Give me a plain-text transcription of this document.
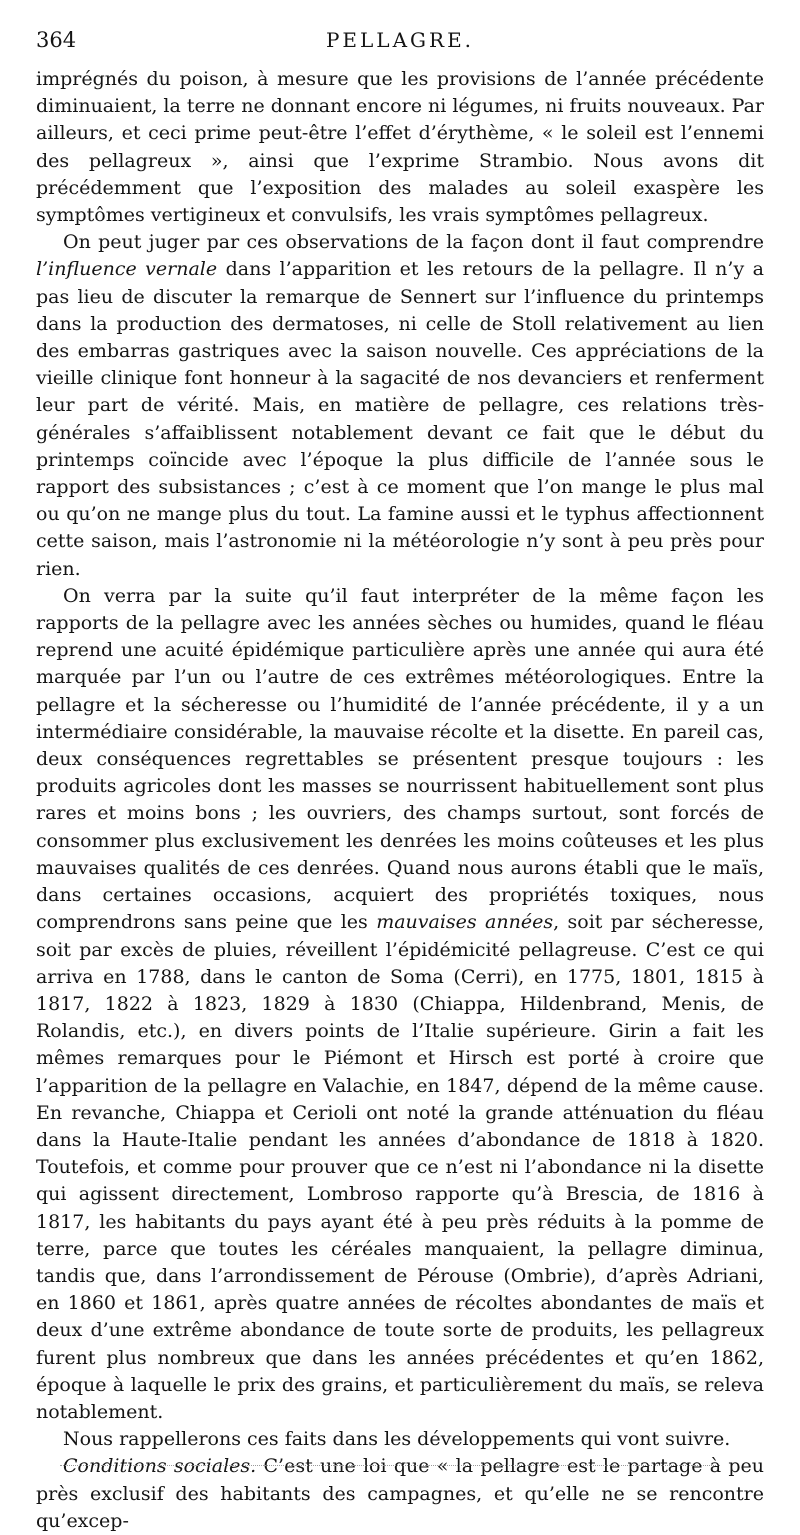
364	PELLAGRE.

imprégnés du poison, à mesure que les provisions de l’année précédente diminuaient, la terre ne donnant encore ni légumes, ni fruits nouveaux. Par ailleurs, et ceci prime peut-être l’effet d’érythème, « le soleil est l’ennemi des pellagreux », ainsi que l’exprime Strambio. Nous avons dit précédemment que l’exposition des malades au soleil exaspère les symptômes vertigineux et convulsifs, les vrais symptômes pellagreux.

On peut juger par ces observations de la façon dont il faut comprendre l’influence vernale dans l’apparition et les retours de la pellagre. Il n’y a pas lieu de discuter la remarque de Sennert sur l’influence du printemps dans la production des dermatoses, ni celle de Stoll relativement au lien des embarras gastriques avec la saison nouvelle. Ces appréciations de la vieille clinique font honneur à la sagacité de nos devanciers et renferment leur part de vérité. Mais, en matière de pellagre, ces relations très-générales s’affaiblissent notablement devant ce fait que le début du printemps coïncide avec l’époque la plus difficile de l’année sous le rapport des subsistances ; c’est à ce moment que l’on mange le plus mal ou qu’on ne mange plus du tout. La famine aussi et le typhus affectionnent cette saison, mais l’astronomie ni la météorologie n’y sont à peu près pour rien.

On verra par la suite qu’il faut interpréter de la même façon les rapports de la pellagre avec les années sèches ou humides, quand le fléau reprend une acuité épidémique particulière après une année qui aura été marquée par l’un ou l’autre de ces extrêmes météorologiques. Entre la pellagre et la sécheresse ou l’humidité de l’année précédente, il y a un intermédiaire considérable, la mauvaise récolte et la disette. En pareil cas, deux conséquences regrettables se présentent presque toujours : les produits agricoles dont les masses se nourrissent habituellement sont plus rares et moins bons ; les ouvriers, des champs surtout, sont forcés de consommer plus exclusivement les denrées les moins coûteuses et les plus mauvaises qualités de ces denrées. Quand nous aurons établi que le maïs, dans certaines occasions, acquiert des propriétés toxiques, nous comprendrons sans peine que les mauvaises années, soit par sécheresse, soit par excès de pluies, réveillent l’épidémicité pellagreuse. C’est ce qui arriva en 1788, dans le canton de Soma (Cerri), en 1775, 1801, 1815 à 1817, 1822 à 1823, 1829 à 1830 (Chiappa, Hildenbrand, Menis, de Rolandis, etc.), en divers points de l’Italie supérieure. Girin a fait les mêmes remarques pour le Piémont et Hirsch est porté à croire que l’apparition de la pellagre en Valachie, en 1847, dépend de la même cause. En revanche, Chiappa et Cerioli ont noté la grande atténuation du fléau dans la Haute-Italie pendant les années d’abondance de 1818 à 1820. Toutefois, et comme pour prouver que ce n’est ni l’abondance ni la disette qui agissent directement, Lombroso rapporte qu’à Brescia, de 1816 à 1817, les habitants du pays ayant été à peu près réduits à la pomme de terre, parce que toutes les céréales manquaient, la pellagre diminua, tandis que, dans l’arrondissement de Pérouse (Ombrie), d’après Adriani, en 1860 et 1861, après quatre années de récoltes abondantes de maïs et deux d’une extrême abondance de toute sorte de produits, les pellagreux furent plus nombreux que dans les années précédentes et qu’en 1862, époque à laquelle le prix des grains, et particulièrement du maïs, se releva notablement.

Nous rappellerons ces faits dans les développements qui vont suivre.

Conditions sociales. C’est une loi que « la pellagre est le partage à peu près exclusif des habitants des campagnes, et qu’elle ne se rencontre qu’excep-
